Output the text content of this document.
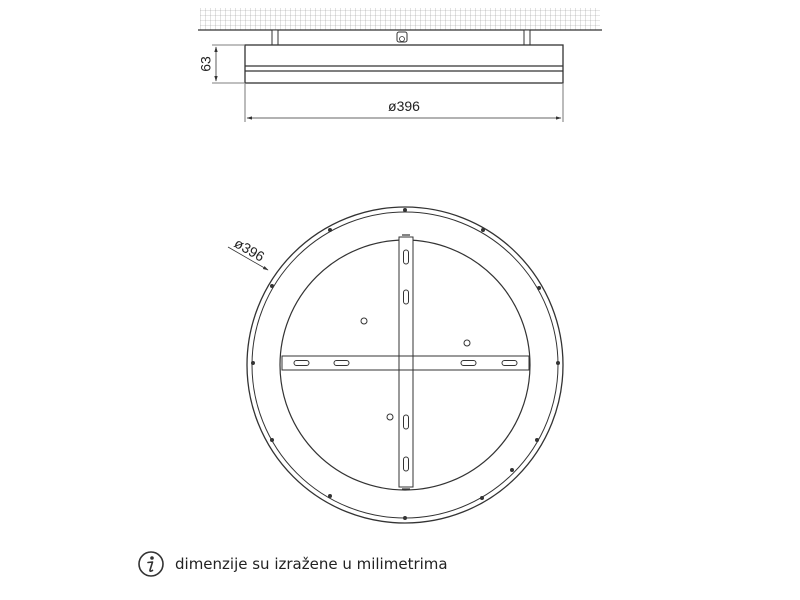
63
ø396
ø396
dimenzije su izražene u milimetrima
